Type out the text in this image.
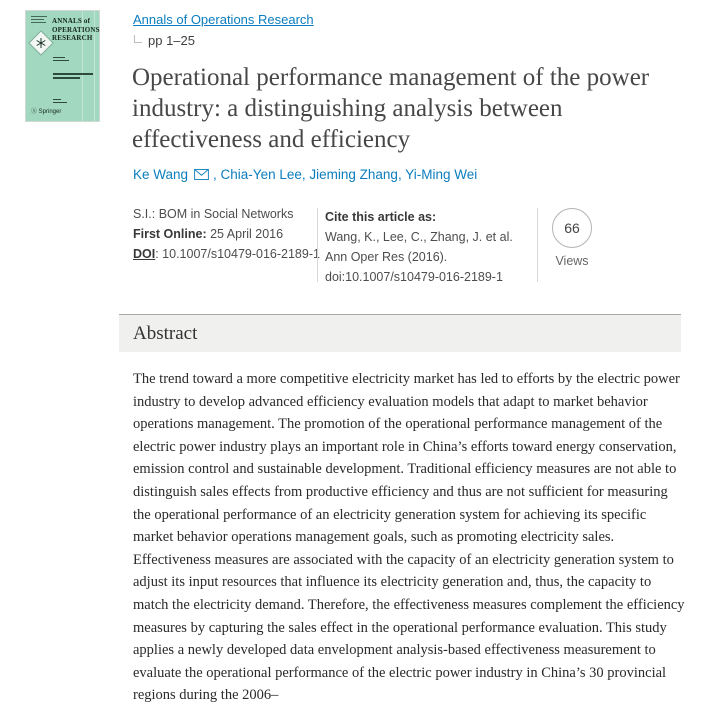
ANNALS of OPERATIONS RESEARCH
Ⓢ Springer
Annals of Operations Research
pp 1–25
Operational performance management of the power industry: a distinguishing analysis between effectiveness and efficiency
Ke Wang , Chia-Yen Lee, Jieming Zhang, Yi-Ming Wei
S.I.: BOM in Social Networks
First Online: 25 April 2016
DOI: 10.1007/s10479-016-2189-1
Cite this article as:
Wang, K., Lee, C., Zhang, J. et al. Ann Oper Res (2016). doi:10.1007/s10479-016-2189-1
66
Views
Abstract

The trend toward a more competitive electricity market has led to efforts by the electric power industry to develop advanced efficiency evaluation models that adapt to market behavior operations management. The promotion of the operational performance management of the electric power industry plays an important role in China’s efforts toward energy conservation, emission control and sustainable development. Traditional efficiency measures are not able to distinguish sales effects from productive efficiency and thus are not sufficient for measuring the operational performance of an electricity generation system for achieving its specific market behavior operations management goals, such as promoting electricity sales. Effectiveness measures are associated with the capacity of an electricity generation system to adjust its input resources that influence its electricity generation and, thus, the capacity to match the electricity demand. Therefore, the effectiveness measures complement the efficiency measures by capturing the sales effect in the operational performance evaluation. This study applies a newly developed data envelopment analysis-based effectiveness measurement to evaluate the operational performance of the electric power industry in China’s 30 provincial regions during the 2006–
